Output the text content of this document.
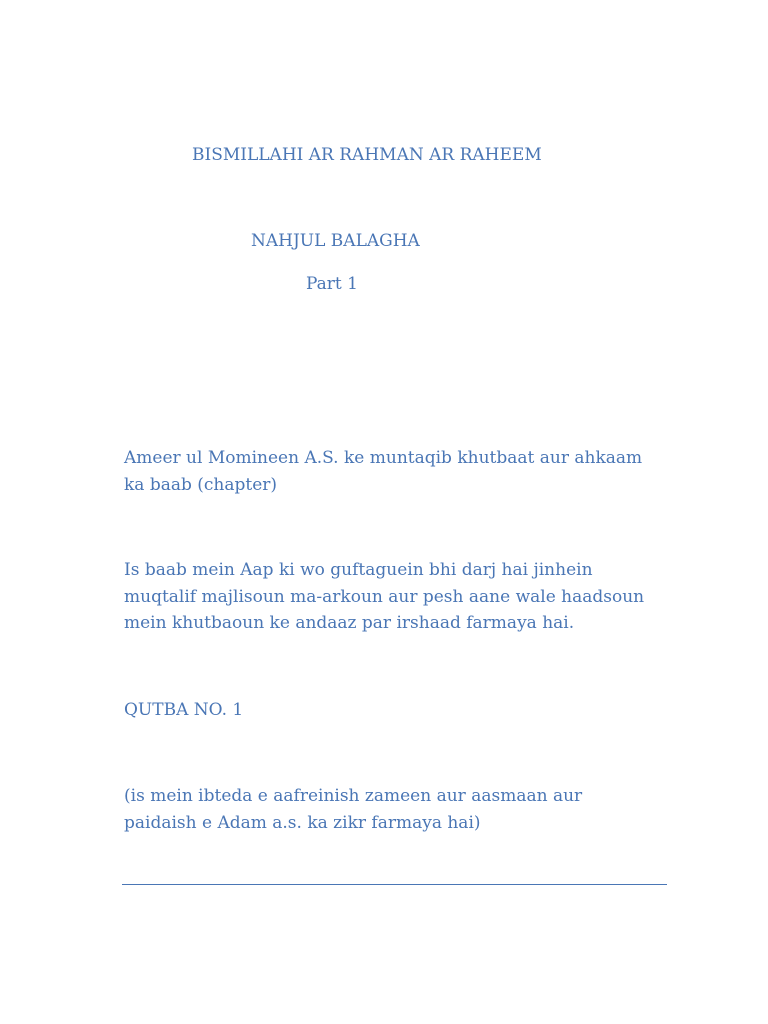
BISMILLAHI AR RAHMAN AR RAHEEM
NAHJUL BALAGHA
Part 1
Ameer ul Momineen A.S. ke muntaqib khutbaat aur ahkaam
ka baab (chapter)
Is baab mein Aap ki wo guftaguein bhi darj hai jinhein
muqtalif majlisoun ma-arkoun aur pesh aane wale haadsoun
mein khutbaoun ke andaaz par irshaad farmaya hai.
QUTBA NO. 1
(is mein ibteda e aafreinish zameen aur aasmaan aur
paidaish e Adam a.s. ka zikr farmaya hai)
